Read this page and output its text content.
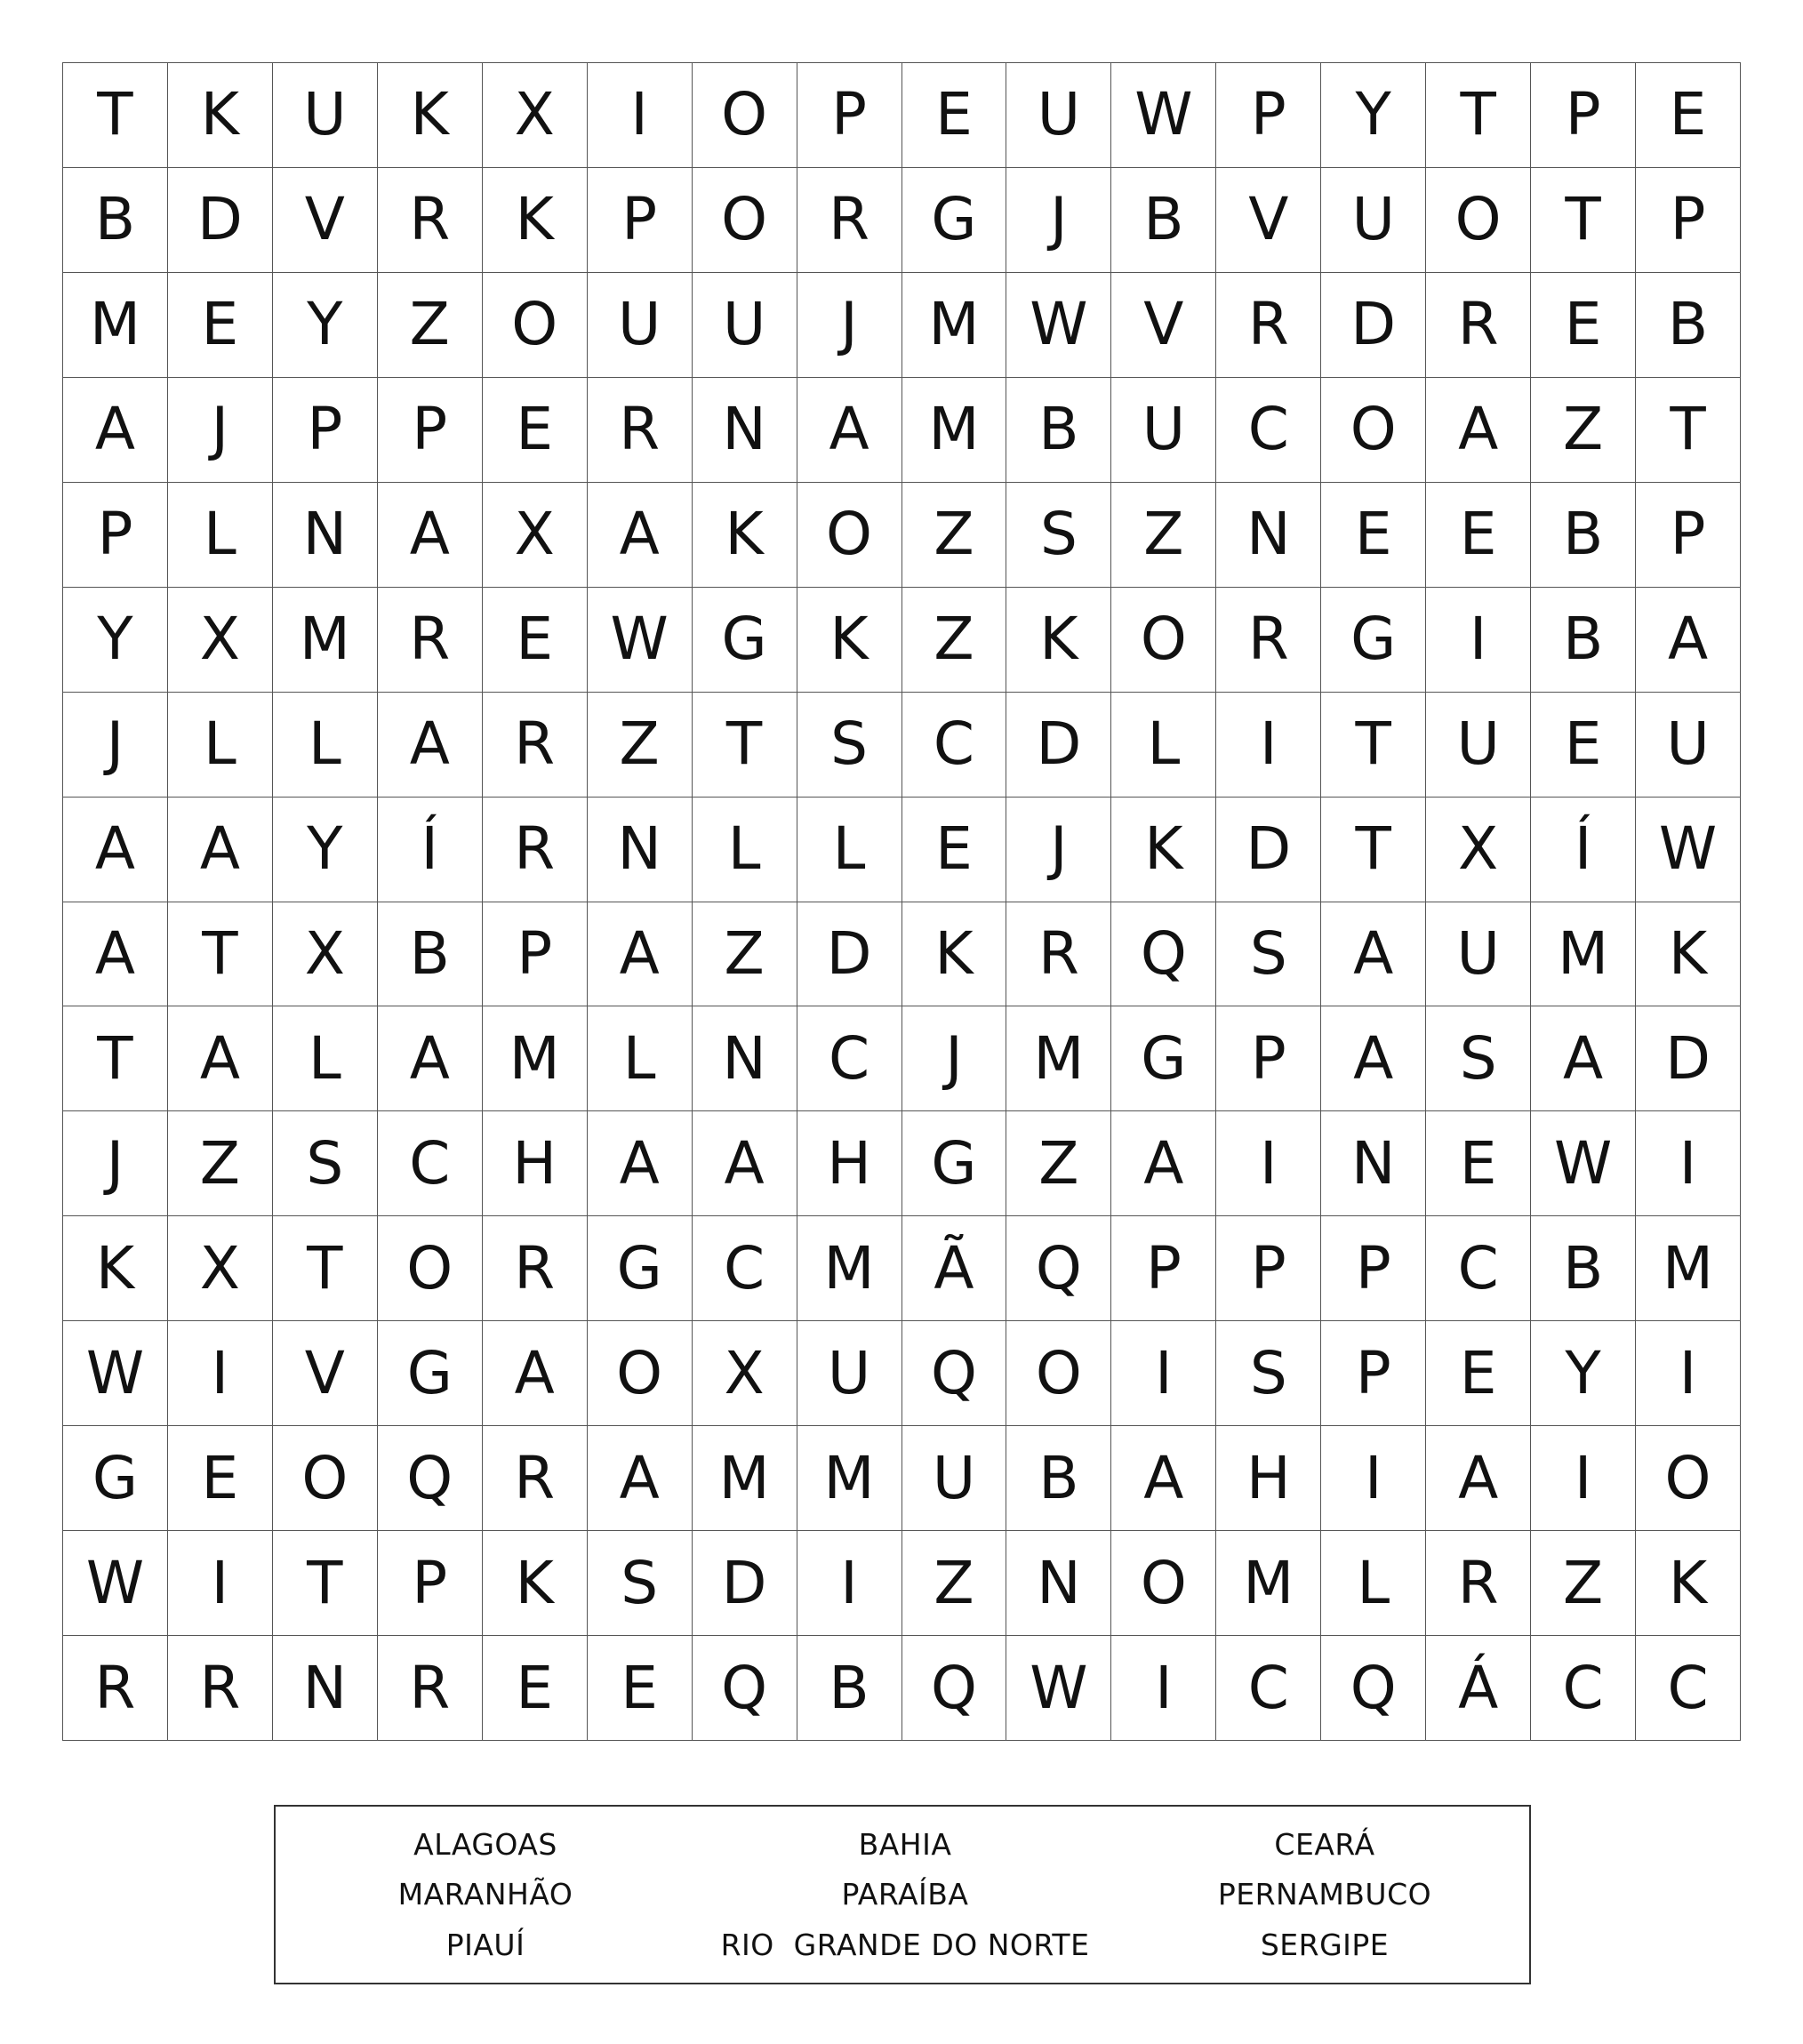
T	K	U	K	X	I	O	P	E	U W P	Y	T	P	E
B	D	V	R	K	P	O	R	G	J	B	V	U	O	T	P
M	E	Y	Z	O	U	U	J	M W V	R	D	R	E	B
A	J	P	P	E	R	N	A	M	B	U	C	O	A	Z	T
P	L	N	A	X	A	K	O	Z	S	Z	N	E	E	B	P
Y	X	M	R	E W G	K	Z	K	O	R	G	I	B	A
J	L	L	A	R	Z	T	S	C	D	L	I	T	U	E	U
A	A	Y	Í	R	N	L	L	E	J	K	D	T	X	Í	W
A	T	X	B	P	A	Z	D	K	R	Q	S	A	U M	K
T	A	L	A	M	L	N	C	J	M G	P	A	S	A	D
J	Z	S	C	H	A	A	H	G	Z	A	I	N	E W	I
K	X	T	O	R	G	C	M	Ã	Q	P	P	P	C	B	M
W	I	V	G	A	O	X	U	Q O	I	S	P	E	Y	I
G	E	O Q	R	A	M M U	B	A	H	I	A	I	O
W	I	T	P	K	S	D	I	Z	N	O M	L	R	Z	K
R	R	N	R	E	E	Q	B	Q W	I	C	Q	Á	C	C
ALAGOAS	BAHIA	CEARÁ
MARANHÃO	PARAÍBA	PERNAMBUCO
PIAUÍ	RIO  GRANDE DO NORTE	SERGIPE
